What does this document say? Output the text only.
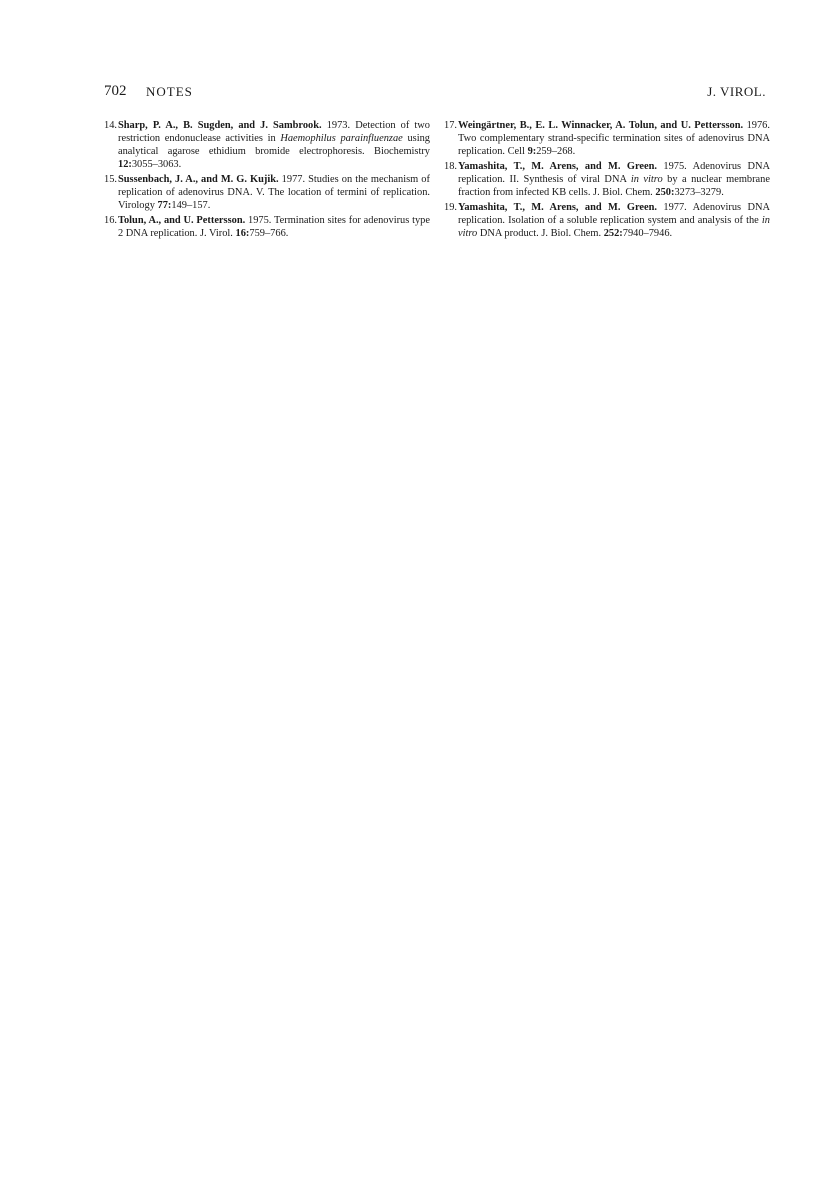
702 NOTES	J. VIROL.

14.Sharp, P. A., B. Sugden, and J. Sambrook. 1973. Detection of two restriction endonuclease activities in Haemophilus parainfluenzae using analytical agarose ethidium bromide electrophoresis. Biochemistry 12:3055–3063.

15.Sussenbach, J. A., and M. G. Kujik. 1977. Studies on the mechanism of replication of adenovirus DNA. V. The location of termini of replication. Virology 77:149–157.

16.Tolun, A., and U. Pettersson. 1975. Termination sites for adenovirus type 2 DNA replication. J. Virol. 16:759–766.

17.Weingärtner, B., E. L. Winnacker, A. Tolun, and U. Pettersson. 1976. Two complementary strand-specific termination sites of adenovirus DNA replication. Cell 9:259–268.

18.Yamashita, T., M. Arens, and M. Green. 1975. Adenovirus DNA replication. II. Synthesis of viral DNA in vitro by a nuclear membrane fraction from infected KB cells. J. Biol. Chem. 250:3273–3279.

19.Yamashita, T., M. Arens, and M. Green. 1977. Adenovirus DNA replication. Isolation of a soluble replication system and analysis of the in vitro DNA product. J. Biol. Chem. 252:7940–7946.
